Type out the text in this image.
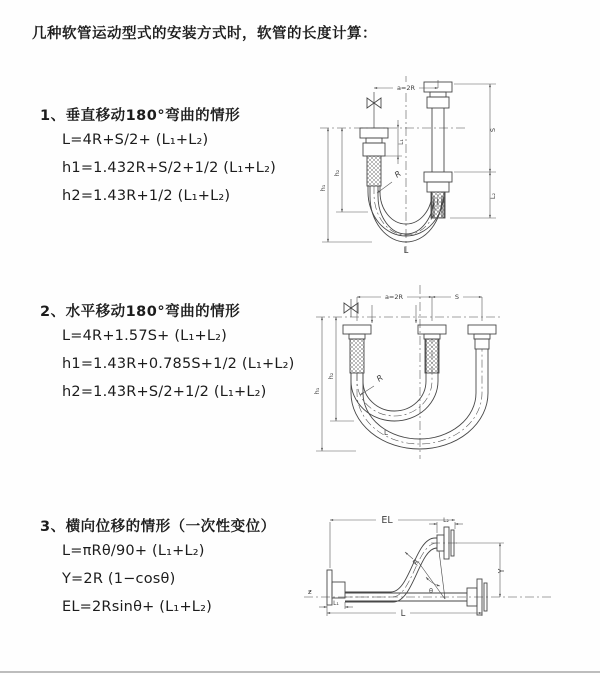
几种软管运动型式的安装方式时，软管的长度计算：
1、垂直移动180°弯曲的情形
L=4R+S/2+ (L₁+L₂)
h1=1.432R+S/2+1/2 (L₁+L₂)
h2=1.43R+1/2 (L₁+L₂)
2、水平移动180°弯曲的情形
L=4R+1.57S+ (L₁+L₂)
h1=1.43R+0.785S+1/2 (L₁+L₂)
h2=1.43R+S/2+1/2 (L₁+L₂)
3、横向位移的情形（一次性变位）
L=πRθ/90+ (L₁+L₂)
Y=2R (1−cosθ)
EL=2Rsinθ+ (L₁+L₂)
a=2R
S
L₂
L₁
h₁
h₂	R
L
a=2R	S
h₁
h₂	R
L
EL	L₂
Y
R
θ
L
L₁
ƶ
